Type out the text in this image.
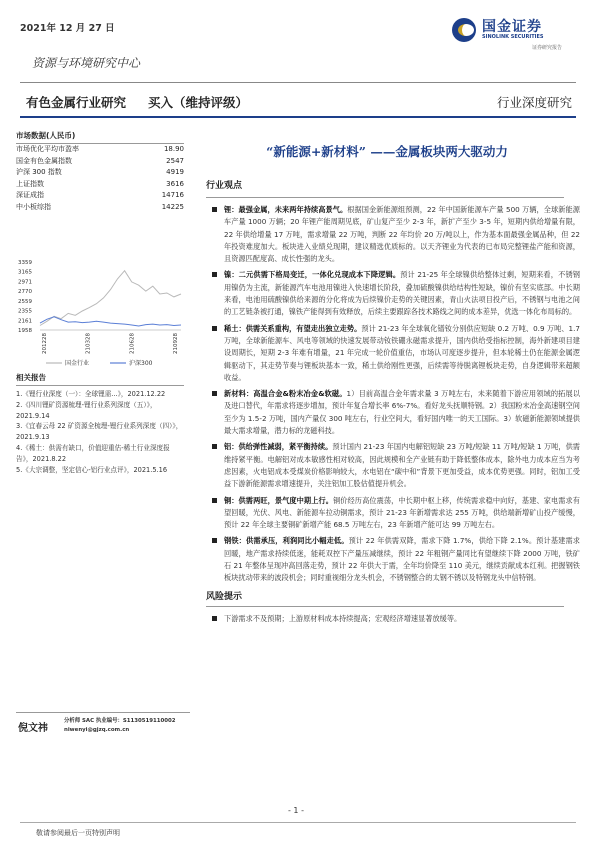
2021年 12 月 27 日	国金证券
SINOLINK SECURITIES
证券研究报告
资源与环境研究中心
有色金属行业研究 买入（维持评级）	行业深度研究
市场数据(人民币)
市场优化平均市盈率	18.90
国金有色金属指数	2547
沪深 300 指数	4919
上证指数	3616
深证成指	14716
中小板综指	14225
3359
3165
2971
2770
2559
2355
2161
1958
201228	210328	210628	210928
国金行业	沪深300
相关报告
1.《锂行业深度（一）：全球锂需...》，2021.12.22
2.《四川锂矿资源梳理-锂行业系列深度（五）》，2021.9.14
3.《宜春云母 22 矿资源全梳理-锂行业系列深度（四）》，2021.9.13
4.《稀土：供需有缺口，价值迎重估-稀土行业深度报告》，2021.8.22
5.《大宗调整，坚定信心-铝行业点评》，2021.5.16
倪文祎
分析师 SAC 执业编号：S1130519110002
niwenyi@gjzq.com.cn
“新能源+新材料” ——金属板块两大驱动力
行业观点
锂：最强金属，未来两年持续高景气。根据国金新能源组预测，22 年中国新能源车产量 500 万辆，全球新能源车产量 1000 万辆；20 年锂产能周期见底，矿山复产至少 2-3 年，新扩产至少 3-5 年，短期内供给增量有限，22 年供给增量 17 万吨，需求增量 22 万吨，判断 22 年均价 20 万/吨以上，作为基本面最强金属品种，但 22 年投资难度加大。板块进入业绩兑现期，建议精选优质标的。以天齐锂业为代表的已布局完整锂盐产能和资源，且资源匹配度高、成长性强的龙头。
镍：二元供需下格局变迁，一体化兑现成本下降逻辑。预计 21-25 年全球镍供给整体过剩，短期来看，不锈钢用镍仍为主流，新能源汽车电池用镍进入快速增长阶段，叠加硫酸镍供给结构性短缺，镍价有坚实底部。中长期来看，电池用硫酸镍供给来源的分化将成为后续镍价走势的关键因素，青山火法项目投产后，不锈钢与电池之间的工艺链条被打通，镍铁产能得到有效释放，后续主要跟踪各技术路线之间的成本差异，优选一体化布局标的。
稀土：供需关系重构，有望走出独立走势。预计 21-23 年全球氧化镨钕分别供应短缺 0.2 万吨、0.9 万吨、1.7 万吨，全球新能源车、风电等领域的快速发展带动钕铁硼永磁需求提升，国内供给受指标控制，海外新建项目建设周期长，短期 2-3 年难有增量，21 年完成一轮价值重估，市场认可度逐步提升，但本轮稀土仍在能源金属逻辑驱动下，其走势节奏与锂板块基本一致，稀土供给刚性更强，后续需等待脱离锂板块走势，自身逻辑带来超额收益。
新材料：高温合金&粉末冶金&软磁。1）目前高温合金年需求量 3 万吨左右，未来随着下游应用领域的拓展以及进口替代，年需求将逐步增加，预计年复合增长率 6%-7%。看好龙头抚顺特钢。2）我国粉末冶金高速钢空间至少为 1.5-2 万吨，国内产量仅 300 吨左右，行业空间大，看好国内唯一的天工国际。3）软磁新能源领域提供最大需求增量，潜力标的龙磁科技。
铝：供给弹性减弱，紧平衡持续。预计国内 21-23 年国内电解铝短缺 23 万吨/短缺 11 万吨/短缺 1 万吨，供需维持紧平衡。电解铝对成本敏感性相对较高，因此规模和全产业链有助于降低整体成本，除外电力成本应当为考虑因素，火电铝成本受煤炭价格影响较大，水电铝在“碳中和”背景下更加受益，成本优势更强。同时，铝加工受益下游新能源需求增速提升，关注铝加工股估值提升机会。
铜：供需两旺，景气度中期上行。铜价经历高位震荡，中长期中枢上移，传统需求稳中向好，基建、家电需求有望回暖，光伏、风电、新能源车拉动铜需求，预计 21-23 年新增需求达 255 万吨，供给端新增矿山投产缓慢，预计 22 年全球主要铜矿新增产能 68.5 万吨左右，23 年新增产能可达 99 万吨左右。
钢铁：供需承压，利润同比小幅走低。预计 22 年供需双降，需求下降 1.7%，供给下降 2.1%。预计基建需求回暖，地产需求持续低迷，能耗双控下产量压减继续，预计 22 年粗钢产量同比有望继续下降 2000 万吨，铁矿石 21 年整体呈现冲高回落走势，预计 22 年供大于需，全年均价降至 110 美元，继续贡献成本红利。把握钢铁板块扰动带来的波段机会；同时重视细分龙头机会，不锈钢整合的太钢不锈以及特钢龙头中信特钢。
风险提示
下游需求不及预期；上游原材料成本持续提高；宏观经济增速显著放缓等。
- 1 -
敬请参阅最后一页特别声明
